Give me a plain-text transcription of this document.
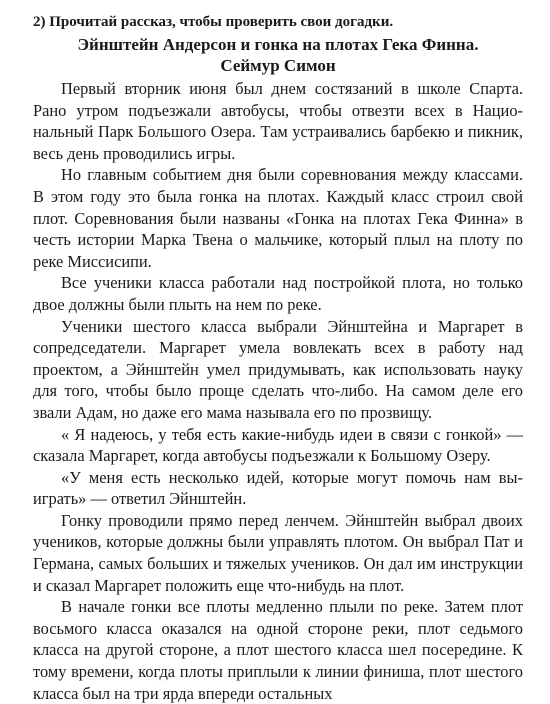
2) Прочитай рассказ, чтобы проверить свои догадки.
Эйнштейн Андерсон и гонка на плотах Гека Финна.
Сеймур Симон

Первый вторник июня был днем состязаний в школе Спарта. Рано утром подъезжали автобусы, чтобы отвезти всех в Национальный Парк Большого Озера. Там устраивались барбекю и пикник, весь день проводились игры.

Но главным событием дня были соревнования между классами. В этом году это была гонка на плотах. Каждый класс строил свой плот. Соревнования были названы «Гонка на плотах Гека Финна» в честь истории Марка Твена о мальчике, который плыл на плоту по реке Миссисипи.

Все ученики класса работали над постройкой плота, но только двое должны были плыть на нем по реке.

Ученики шестого класса выбрали Эйнштейна и Маргарет в сопредседатели. Маргарет умела вовлекать всех в работу над проектом, а Эйнштейн умел придумывать, как использовать науку для того, чтобы было проще сделать что-либо. На самом деле его звали Адам, но даже его мама называла его по прозвищу.

« Я надеюсь, у тебя есть какие-нибудь идеи в связи с гонкой» — сказала Маргарет, когда автобусы подъезжали к Большому Озеру.

«У меня есть несколько идей, которые могут помочь нам выиграть» — ответил Эйнштейн.

Гонку проводили прямо перед ленчем. Эйнштейн выбрал двоих учеников, которые должны были управлять плотом. Он выбрал Пат и Германа, самых больших и тяжелых учеников. Он дал им инструкции и сказал Маргарет положить еще что-нибудь на плот.

В начале гонки все плоты медленно плыли по реке. Затем плот восьмого класса оказался на одной стороне реки, плот седьмого класса на другой стороне, а плот шестого класса шел посередине. К тому времени, когда плоты приплыли к линии финиша, плот шестого класса был на три ярда впереди остальных
